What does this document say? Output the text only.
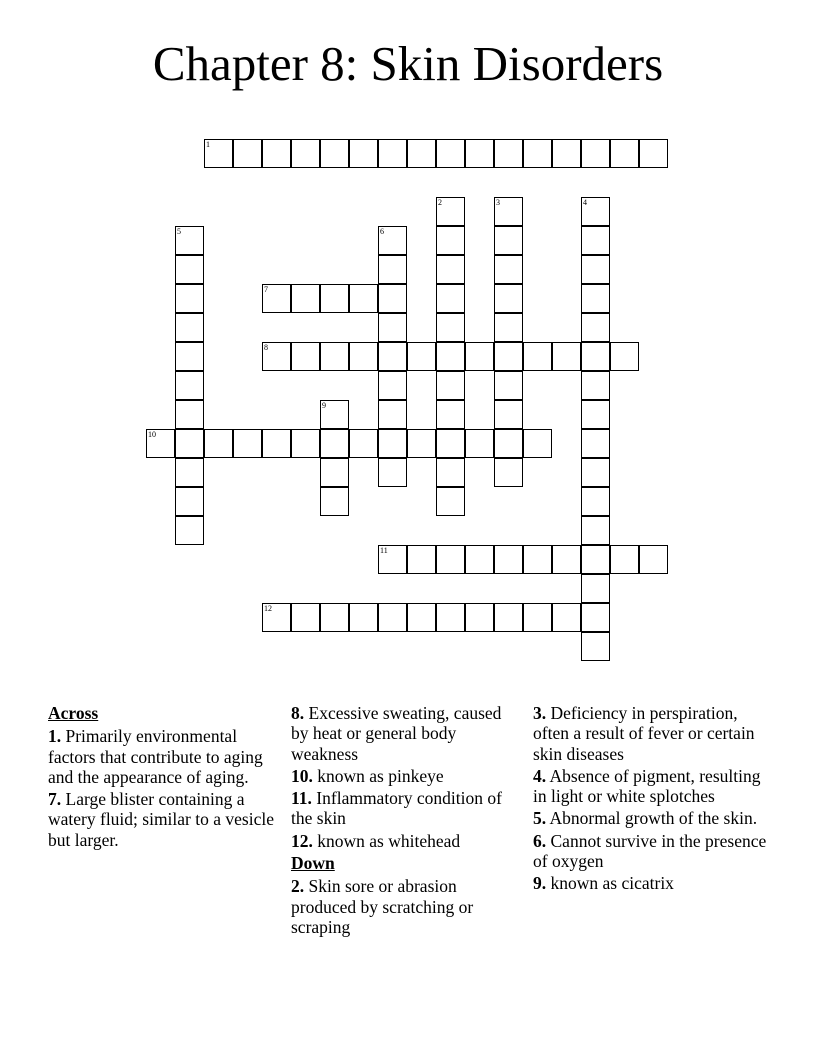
Chapter 8: Skin Disorders
1
7
8
10
11
12
2	3	4
5	6
9
Across
1. Primarily environmental factors that contribute to aging and the appearance of aging.
7. Large blister containing a watery fluid; similar to a vesicle but larger.
8. Excessive sweating, caused by heat or general body weakness
10. known as pinkeye
11. Inflammatory condition of the skin
12. known as whitehead
Down
2. Skin sore or abrasion produced by scratching or scraping
3. Deficiency in perspiration, often a result of fever or certain skin diseases
4. Absence of pigment, resulting in light or white splotches
5. Abnormal growth of the skin.
6. Cannot survive in the presence of oxygen
9. known as cicatrix
